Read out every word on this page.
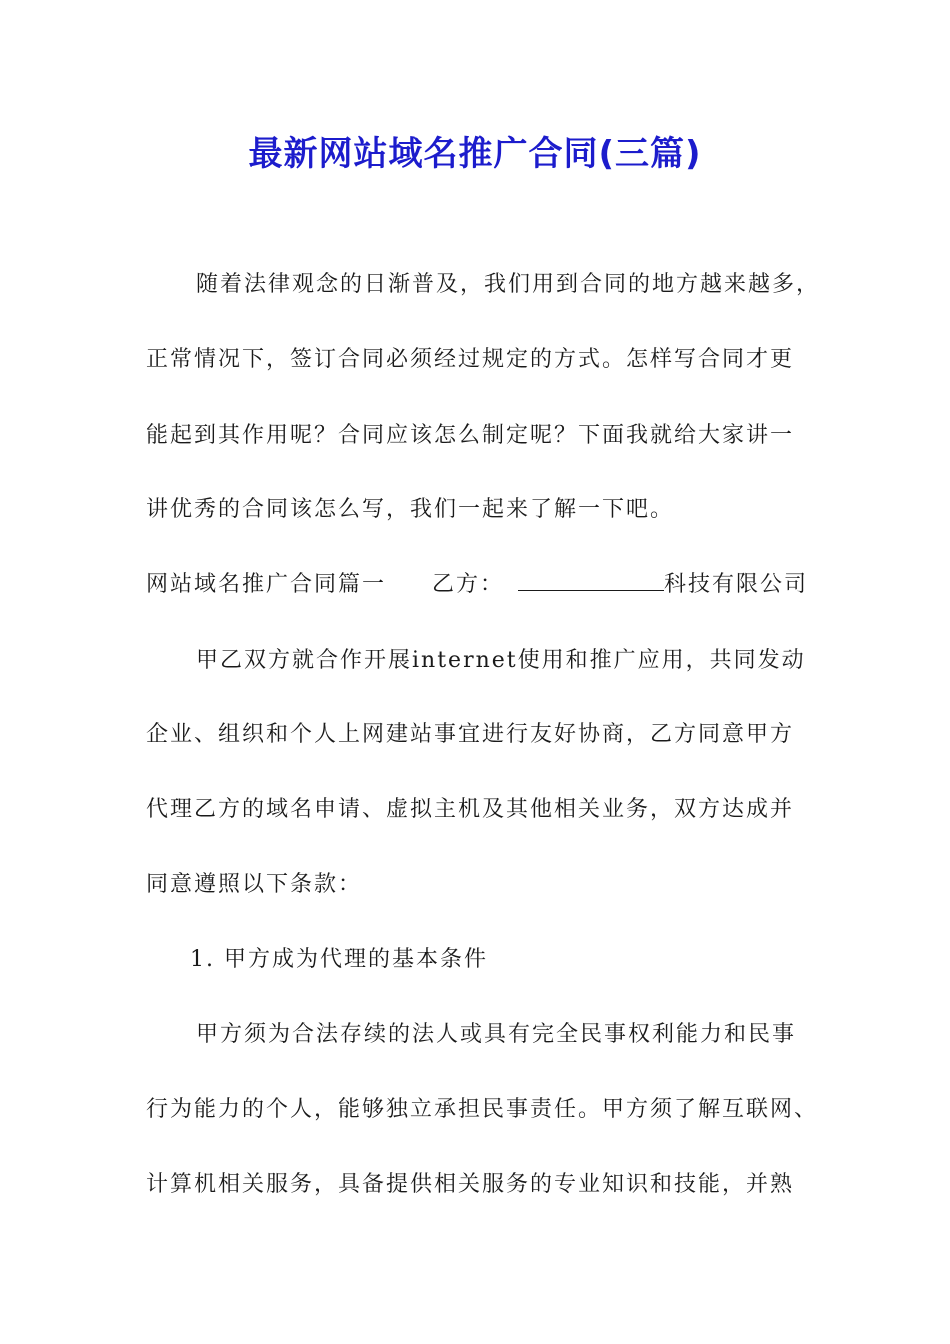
最新网站域名推广合同(三篇)
随着法律观念的日渐普及，我们用到合同的地方越来越多，
正常情况下，签订合同必须经过规定的方式。怎样写合同才更
能起到其作用呢？合同应该怎么制定呢？下面我就给大家讲一
讲优秀的合同该怎么写，我们一起来了解一下吧。
网站域名推广合同篇一 乙方：	科技有限公司
甲乙双方就合作开展internet使用和推广应用，共同发动
企业、组织和个人上网建站事宜进行友好协商，乙方同意甲方
代理乙方的域名申请、虚拟主机及其他相关业务，双方达成并
同意遵照以下条款：
1. 甲方成为代理的基本条件
甲方须为合法存续的法人或具有完全民事权利能力和民事
行为能力的个人，能够独立承担民事责任。甲方须了解互联网、
计算机相关服务，具备提供相关服务的专业知识和技能，并熟
